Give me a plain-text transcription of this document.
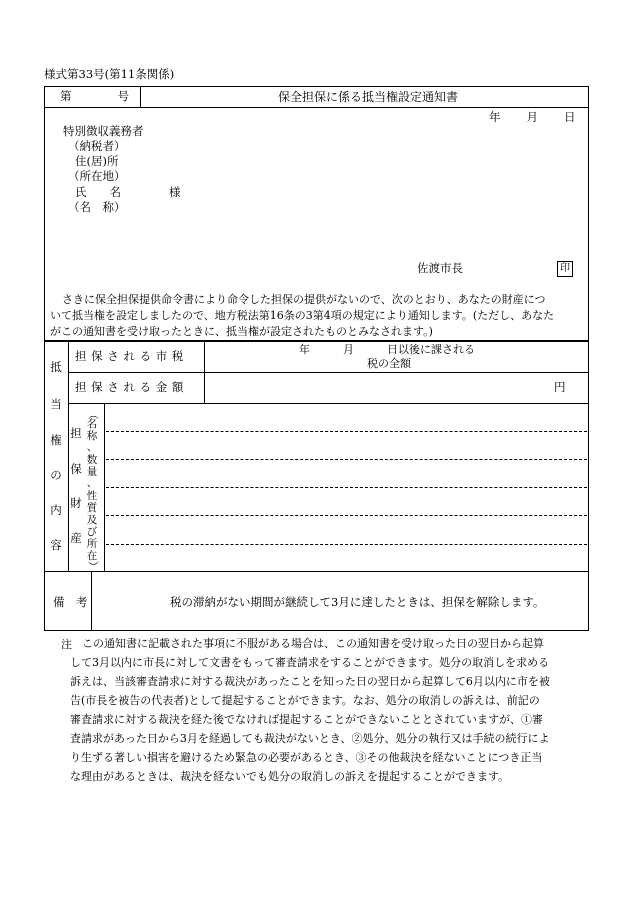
様式第33号(第11条関係)
第　　　　号	保全担保に係る抵当権設定通知書
年　　月　　日
特別徴収義務者
（納税者）
住(居)所
（所在地）
氏　　名	様
（名　称）
佐渡市長	印
さきに保全担保提供命令書により命令した担保の提供がないので、次のとおり、あなたの財産につ
いて抵当権を設定しましたので、地方税法第16条の3第4項の規定により通知します。(ただし、あなた
がこの通知書を受け取ったときに、抵当権が設定されたものとみなされます。)
抵
当
権
の
内
容
担 保 さ れ る 市 税	年　　　月　　　日以後に課される
税の全額
担 保 さ れ る 金 額	円
担
保
財
産
（
名
称
、
数
量
、
性
質
及
び
所
在
）
備　考	税の滞納がない期間が継続して3月に達したときは、担保を解除します。
注 この通知書に記載された事項に不服がある場合は、この通知書を受け取った日の翌日から起算
して3月以内に市長に対して文書をもって審査請求をすることができます。処分の取消しを求める
訴えは、当該審査請求に対する裁決があったことを知った日の翌日から起算して6月以内に市を被
告(市長を被告の代表者)として提起することができます。なお、処分の取消しの訴えは、前記の
審査請求に対する裁決を経た後でなければ提起することができないこととされていますが、①審
査請求があった日から3月を経過しても裁決がないとき、②処分、処分の執行又は手続の続行によ
り生ずる著しい損害を避けるため緊急の必要があるとき、③その他裁決を経ないことにつき正当
な理由があるときは、裁決を経ないでも処分の取消しの訴えを提起することができます。
